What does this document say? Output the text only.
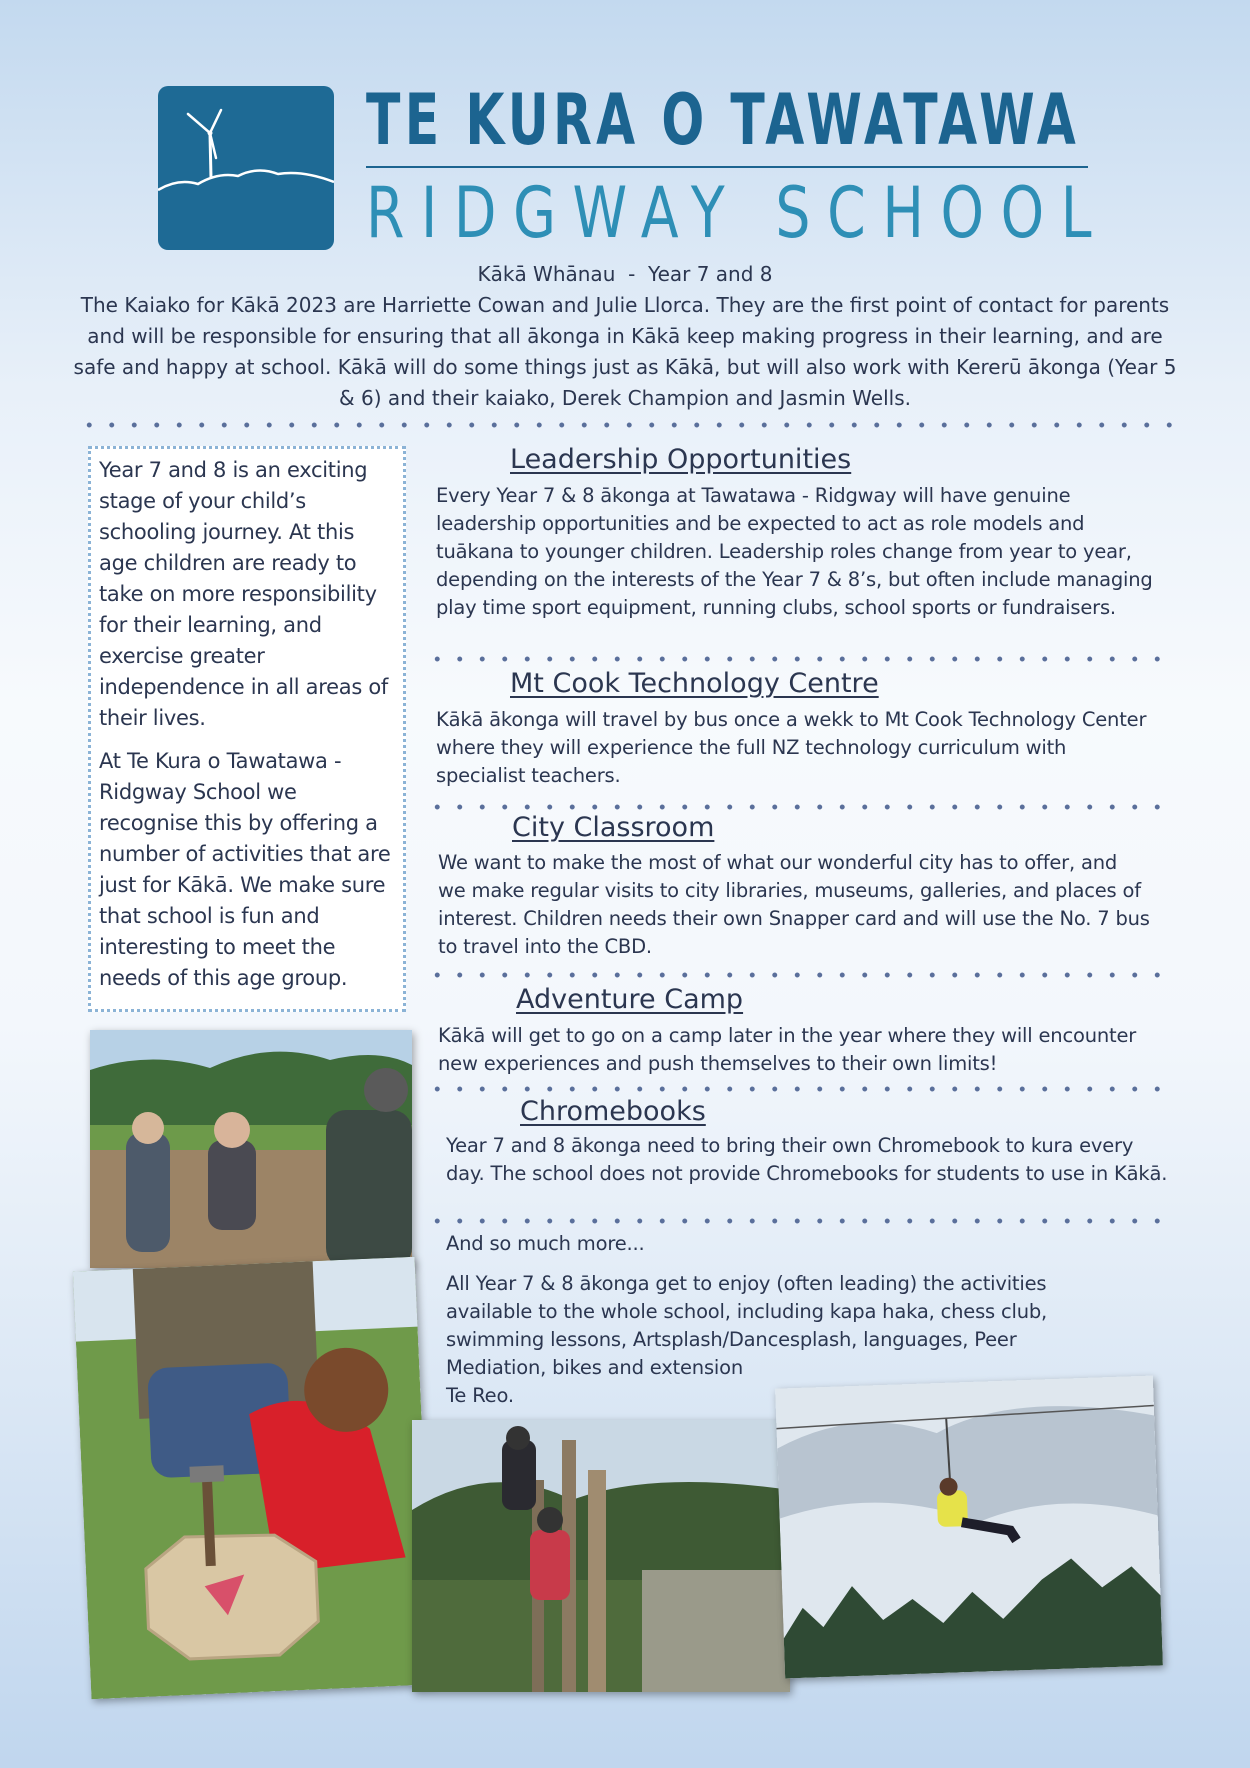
TE KURA O TAWATAWA
RIDGWAY SCHOOL
Kākā Whānau  -  Year 7 and 8
The Kaiako for Kākā 2023 are Harriette Cowan and Julie Llorca. They are the first point of contact for parents and will be responsible for ensuring that all ākonga in Kākā keep making progress in their learning, and are safe and happy at school. Kākā will do some things just as Kākā, but will also work with Kererū ākonga (Year 5 & 6) and their kaiako, Derek Champion and Jasmin Wells.

Year 7 and 8 is an exciting stage of your child’s schooling journey. At this age children are ready to take on more responsibility for their learning, and exercise greater independence in all areas of their lives.

At Te Kura o Tawatawa - Ridgway School we recognise this by offering a number of activities that are just for Kākā. We make sure that school is fun and interesting to meet the needs of this age group.

Leadership Opportunities
Every Year 7 & 8 ākonga at Tawatawa - Ridgway will have genuine leadership opportunities and be expected to act as role models and tuākana to younger children. Leadership roles change from year to year, depending on the interests of the Year 7 & 8’s, but often include managing play time sport equipment, running clubs, school sports or fundraisers.
Mt Cook Technology Centre
Kākā ākonga will travel by bus once a wekk to Mt Cook Technology Center where they will experience the full NZ technology curriculum with specialist teachers.
City Classroom
We want to make the most of what our wonderful city has to offer, and we make regular visits to city libraries, museums, galleries, and places of interest. Children needs their own Snapper card and will use the No. 7 bus to travel into the CBD.
Adventure Camp
Kākā will get to go on a camp later in the year where they will encounter new experiences and push themselves to their own limits!
Chromebooks
Year 7 and 8 ākonga need to bring their own Chromebook to kura every day. The school does not provide Chromebooks for students to use in Kākā.
And so much more...
All Year 7 & 8 ākonga get to enjoy (often leading) the activities available to the whole school, including kapa haka, chess club, swimming lessons, Artsplash/Dancesplash, languages, Peer Mediation, bikes and extension
Te Reo.
